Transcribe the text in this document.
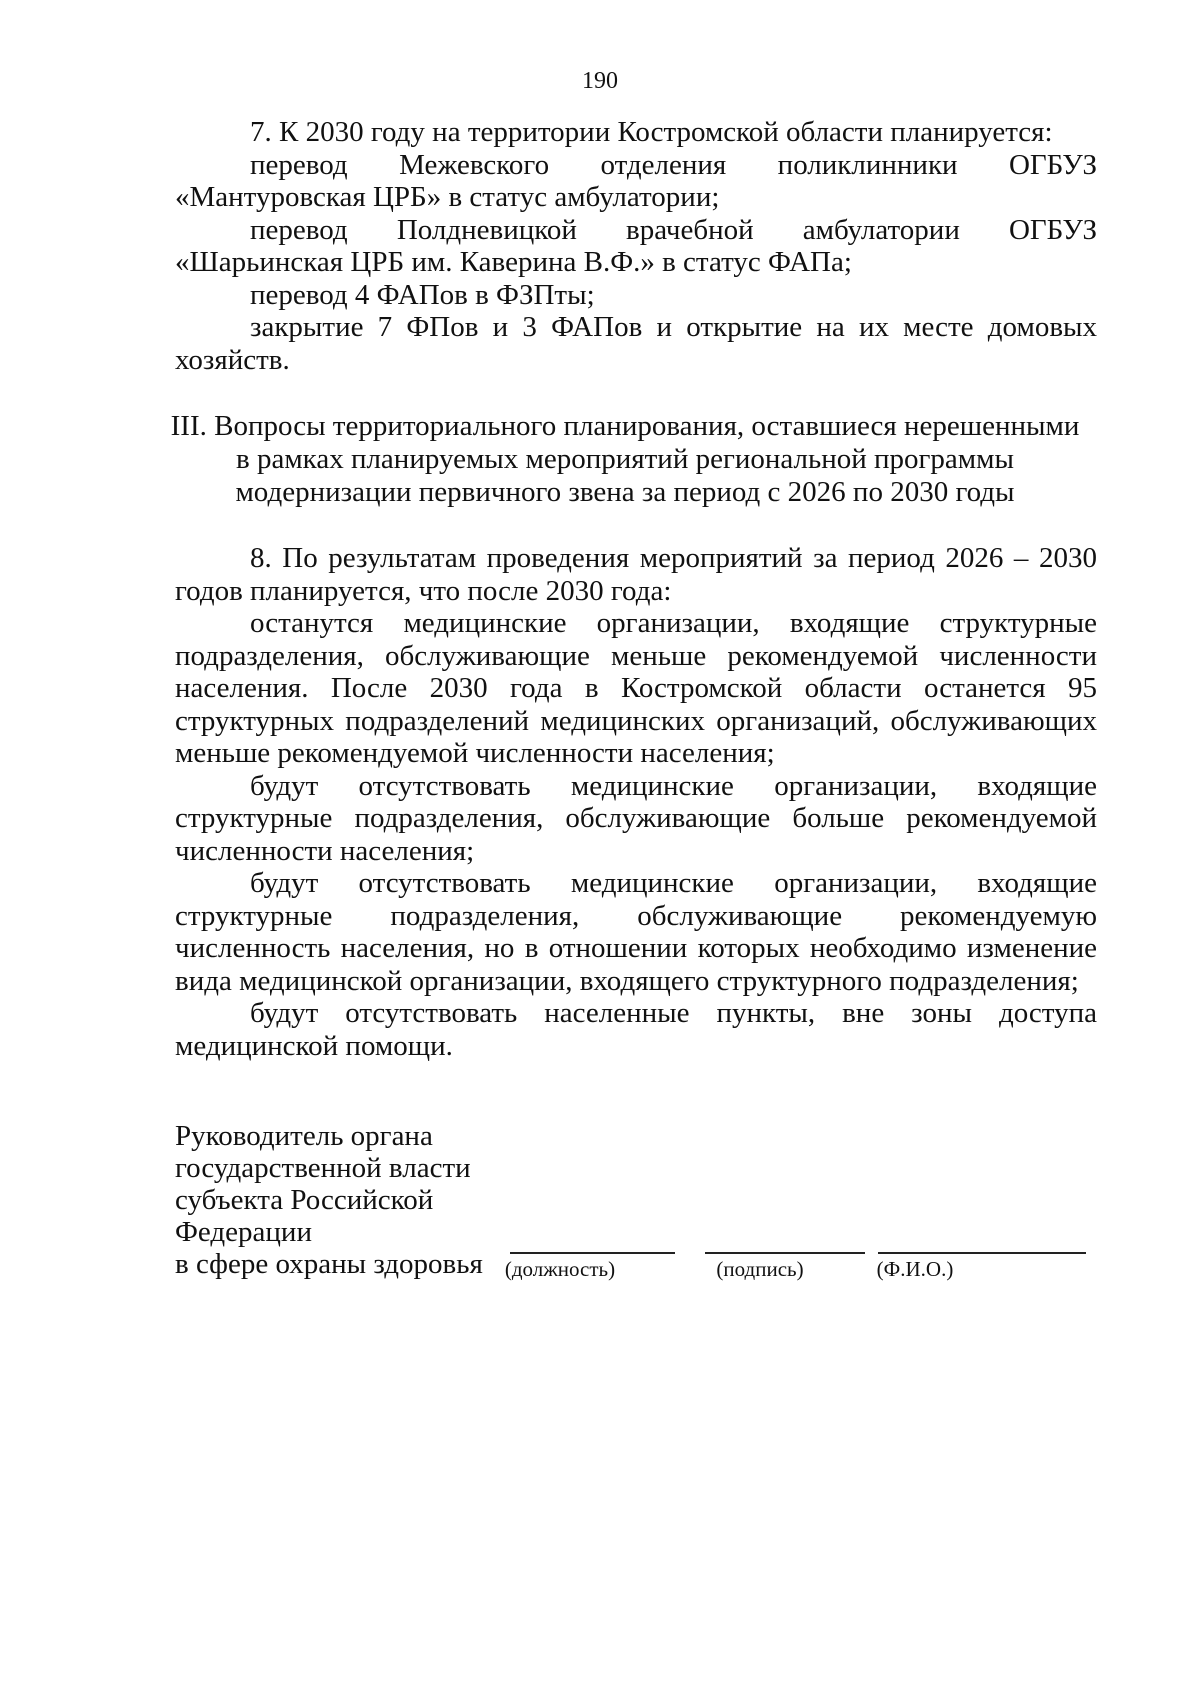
190

7. К 2030 году на территории Костромской области планируется:

перевод Межевского отделения поликлинники ОГБУЗ «Мантуровская ЦРБ» в статус амбулатории;

перевод Полдневицкой врачебной амбулатории ОГБУЗ «Шарьинская ЦРБ им. Каверина В.Ф.» в статус ФАПа;

перевод 4 ФАПов в ФЗПты;

закрытие 7 ФПов и 3 ФАПов и открытие на их месте домовых хозяйств.

III. Вопросы территориального планирования, оставшиеся нерешенными
в рамках планируемых мероприятий региональной программы
модернизации первичного звена за период с 2026 по 2030 годы

8. По результатам проведения мероприятий за период 2026 – 2030 годов планируется, что после 2030 года:

останутся медицинские организации, входящие структурные подразделения, обслуживающие меньше рекомендуемой численности населения. После 2030 года в Костромской области останется 95 структурных подразделений медицинских организаций, обслуживающих меньше рекомендуемой численности населения;

будут отсутствовать медицинские организации, входящие структурные подразделения, обслуживающие больше рекомендуемой численности населения;

будут отсутствовать медицинские организации, входящие структурные подразделения, обслуживающие рекомендуемую численность населения, но в отношении которых необходимо изменение вида медицинской организации, входящего структурного подразделения;

будут отсутствовать населенные пункты, вне зоны доступа медицинской помощи.

Руководитель органа
государственной власти
субъекта Российской Федерации
в сфере охраны здоровья	(должность)	(подпись)	(Ф.И.О.)
